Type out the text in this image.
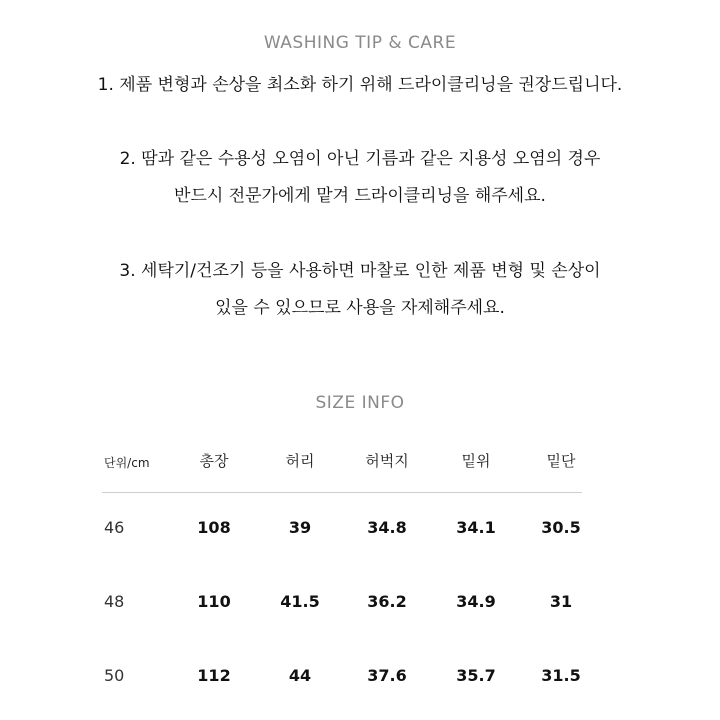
WASHING TIP & CARE
1. 제품 변형과 손상을 최소화 하기 위해 드라이클리닝을 권장드립니다.
2. 땀과 같은 수용성 오염이 아닌 기름과 같은 지용성 오염의 경우
반드시 전문가에게 맡겨 드라이클리닝을 해주세요.
3. 세탁기/건조기 등을 사용하면 마찰로 인한 제품 변형 및 손상이
있을 수 있으므로 사용을 자제해주세요.
SIZE INFO
단위/cm	총장	허리	허벅지	밑위	밑단
46	108	39	34.8	34.1	30.5
48	110	41.5	36.2	34.9	31
50	112	44	37.6	35.7	31.5
